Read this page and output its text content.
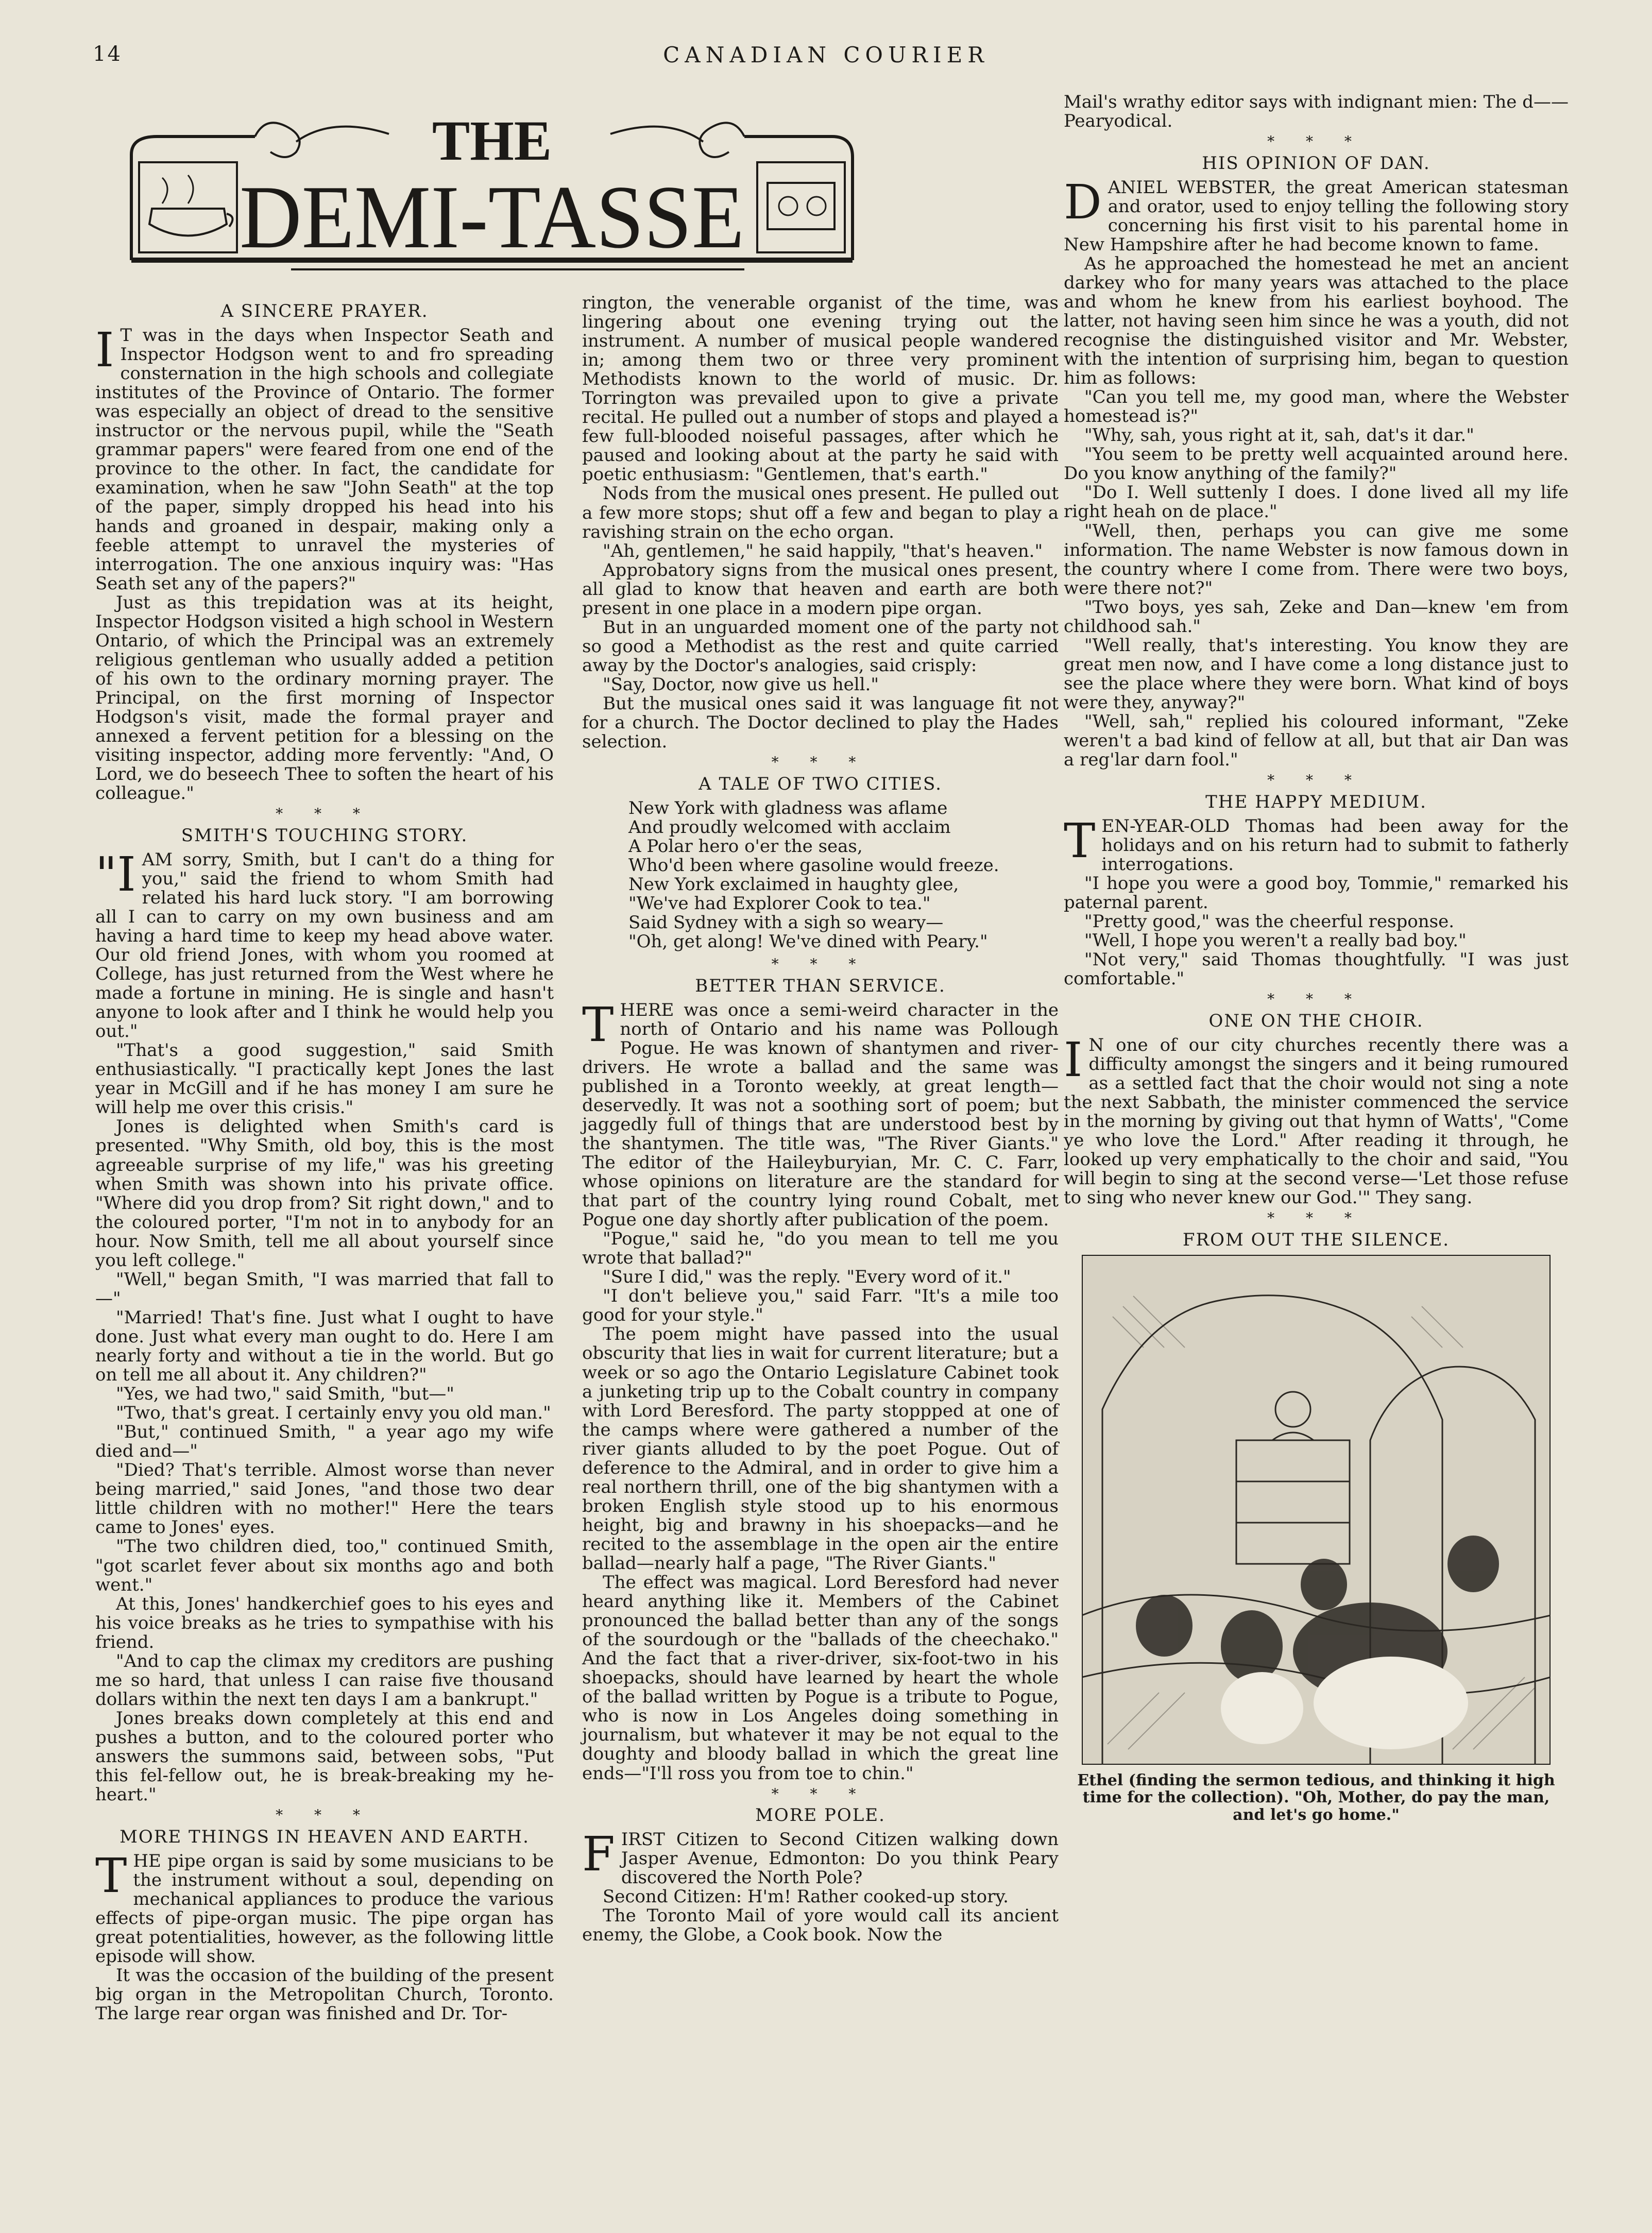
14	CANADIAN COURIER
THE
DEMI-TASSE
A SINCERE PRAYER.

I T was in the days when Inspector Seath and Inspector Hodgson went to and fro spreading consternation in the high schools and collegiate institutes of the Province of Ontario. The former was especially an object of dread to the sensitive instructor or the nervous pupil, while the "Seath grammar papers" were feared from one end of the province to the other. In fact, the candidate for examination, when he saw "John Seath" at the top of the paper, simply dropped his head into his hands and groaned in despair, making only a feeble attempt to unravel the mysteries of interrogation. The one anxious inquiry was: "Has Seath set any of the papers?"

Just as this trepidation was at its height, Inspector Hodgson visited a high school in Western Ontario, of which the Principal was an extremely religious gentleman who usually added a petition of his own to the ordinary morning prayer. The Principal, on the first morning of Inspector Hodgson's visit, made the formal prayer and annexed a fervent petition for a blessing on the visiting inspector, adding more fervently: "And, O Lord, we do beseech Thee to soften the heart of his colleague."

* * *
SMITH'S TOUCHING STORY.

"IAM sorry, Smith, but I can't do a thing for you," said the friend to whom Smith had related his hard luck story. "I am borrowing all I can to carry on my own business and am having a hard time to keep my head above water. Our old friend Jones, with whom you roomed at College, has just returned from the West where he made a fortune in mining. He is single and hasn't anyone to look after and I think he would help you out."

"That's a good suggestion," said Smith enthusiastically. "I practically kept Jones the last year in McGill and if he has money I am sure he will help me over this crisis."

Jones is delighted when Smith's card is presented. "Why Smith, old boy, this is the most agreeable surprise of my life," was his greeting when Smith was shown into his private office. "Where did you drop from? Sit right down," and to the coloured porter, "I'm not in to anybody for an hour. Now Smith, tell me all about yourself since you left college."

"Well," began Smith, "I was married that fall to—"

"Married! That's fine. Just what I ought to have done. Just what every man ought to do. Here I am nearly forty and without a tie in the world. But go on tell me all about it. Any children?"

"Yes, we had two," said Smith, "but—"

"Two, that's great. I certainly envy you old man."

"But," continued Smith, " a year ago my wife died and—"

"Died? That's terrible. Almost worse than never being married," said Jones, "and those two dear little children with no mother!" Here the tears came to Jones' eyes.

"The two children died, too," continued Smith, "got scarlet fever about six months ago and both went."

At this, Jones' handkerchief goes to his eyes and his voice breaks as he tries to sympathise with his friend.

"And to cap the climax my creditors are pushing me so hard, that unless I can raise five thousand dollars within the next ten days I am a bankrupt."

Jones breaks down completely at this end and pushes a button, and to the coloured porter who answers the summons said, between sobs, "Put this fel-fellow out, he is break-breaking my he-heart."

* * *
MORE THINGS IN HEAVEN AND EARTH.

THE pipe organ is said by some musicians to be the instrument without a soul, depending on mechanical appliances to produce the various effects of pipe-organ music. The pipe organ has great potentialities, however, as the following little episode will show.

It was the occasion of the building of the present big organ in the Metropolitan Church, Toronto. The large rear organ was finished and Dr. Tor-

rington, the venerable organist of the time, was lingering about one evening trying out the instrument. A number of musical people wandered in; among them two or three very prominent Methodists known to the world of music. Dr. Torrington was prevailed upon to give a private recital. He pulled out a number of stops and played a few full-blooded noiseful passages, after which he paused and looking about at the party he said with poetic enthusiasm: "Gentlemen, that's earth."

Nods from the musical ones present. He pulled out a few more stops; shut off a few and began to play a ravishing strain on the echo organ.

"Ah, gentlemen," he said happily, "that's heaven."

Approbatory signs from the musical ones present, all glad to know that heaven and earth are both present in one place in a modern pipe organ.

But in an unguarded moment one of the party not so good a Methodist as the rest and quite carried away by the Doctor's analogies, said crisply:

"Say, Doctor, now give us hell."

But the musical ones said it was language fit not for a church. The Doctor declined to play the Hades selection.

* * *
A TALE OF TWO CITIES.
New York with gladness was aflame
And proudly welcomed with acclaim
A Polar hero o'er the seas,
Who'd been where gasoline would freeze.
New York exclaimed in haughty glee,
"We've had Explorer Cook to tea."
Said Sydney with a sigh so weary—
"Oh, get along! We've dined with Peary."
* * *
BETTER THAN SERVICE.

THERE was once a semi-weird character in the north of Ontario and his name was Pollough Pogue. He was known of shantymen and river-drivers. He wrote a ballad and the same was published in a Toronto weekly, at great length—deservedly. It was not a soothing sort of poem; but jaggedly full of things that are understood best by the shantymen. The title was, "The River Giants." The editor of the Haileyburyian, Mr. C. C. Farr, whose opinions on literature are the standard for that part of the country lying round Cobalt, met Pogue one day shortly after publication of the poem.

"Pogue," said he, "do you mean to tell me you wrote that ballad?"

"Sure I did," was the reply. "Every word of it."

"I don't believe you," said Farr. "It's a mile too good for your style."

The poem might have passed into the usual obscurity that lies in wait for current literature; but a week or so ago the Ontario Legislature Cabinet took a junketing trip up to the Cobalt country in company with Lord Beresford. The party stoppped at one of the camps where were gathered a number of the river giants alluded to by the poet Pogue. Out of deference to the Admiral, and in order to give him a real northern thrill, one of the big shantymen with a broken English style stood up to his enormous height, big and brawny in his shoepacks—and he recited to the assemblage in the open air the entire ballad—nearly half a page, "The River Giants."

The effect was magical. Lord Beresford had never heard anything like it. Members of the Cabinet pronounced the ballad better than any of the songs of the sourdough or the "ballads of the cheechako." And the fact that a river-driver, six-foot-two in his shoepacks, should have learned by heart the whole of the ballad written by Pogue is a tribute to Pogue, who is now in Los Angeles doing something in journalism, but whatever it may be not equal to the doughty and bloody ballad in which the great line ends—"I'll ross you from toe to chin."

* * *
MORE POLE.

FIRST Citizen to Second Citizen walking down Jasper Avenue, Edmonton: Do you think Peary discovered the North Pole?

Second Citizen: H'm! Rather cooked-up story.

The Toronto Mail of yore would call its ancient enemy, the Globe, a Cook book. Now the

Mail's wrathy editor says with indignant mien: The d—— Pearyodical.

* * *
HIS OPINION OF DAN.

DANIEL WEBSTER, the great American statesman and orator, used to enjoy telling the following story concerning his first visit to his parental home in New Hampshire after he had become known to fame.

As he approached the homestead he met an ancient darkey who for many years was attached to the place and whom he knew from his earliest boyhood. The latter, not having seen him since he was a youth, did not recognise the distinguished visitor and Mr. Webster, with the intention of surprising him, began to question him as follows:

"Can you tell me, my good man, where the Webster homestead is?"

"Why, sah, yous right at it, sah, dat's it dar."

"You seem to be pretty well acquainted around here. Do you know anything of the family?"

"Do I. Well suttenly I does. I done lived all my life right heah on de place."

"Well, then, perhaps you can give me some information. The name Webster is now famous down in the country where I come from. There were two boys, were there not?"

"Two boys, yes sah, Zeke and Dan—knew 'em from childhood sah."

"Well really, that's interesting. You know they are great men now, and I have come a long distance just to see the place where they were born. What kind of boys were they, anyway?"

"Well, sah," replied his coloured informant, "Zeke weren't a bad kind of fellow at all, but that air Dan was a reg'lar darn fool."

* * *
THE HAPPY MEDIUM.

TEN-YEAR-OLD Thomas had been away for the holidays and on his return had to submit to fatherly interrogations.

"I hope you were a good boy, Tommie," remarked his paternal parent.

"Pretty good," was the cheerful response.

"Well, I hope you weren't a really bad boy."

"Not very," said Thomas thoughtfully. "I was just comfortable."

* * *
ONE ON THE CHOIR.

I N one of our city churches recently there was a difficulty amongst the singers and it being rumoured as a settled fact that the choir would not sing a note the next Sabbath, the minister commenced the service in the morning by giving out that hymn of Watts', "Come ye who love the Lord." After reading it through, he looked up very emphatically to the choir and said, "You will begin to sing at the second verse—'Let those refuse to sing who never knew our God.'" They sang.

* * *
FROM OUT THE SILENCE.
Ethel (finding the sermon tedious, and thinking it high time for the collection). "Oh, Mother, do pay the man, and let's go home."
